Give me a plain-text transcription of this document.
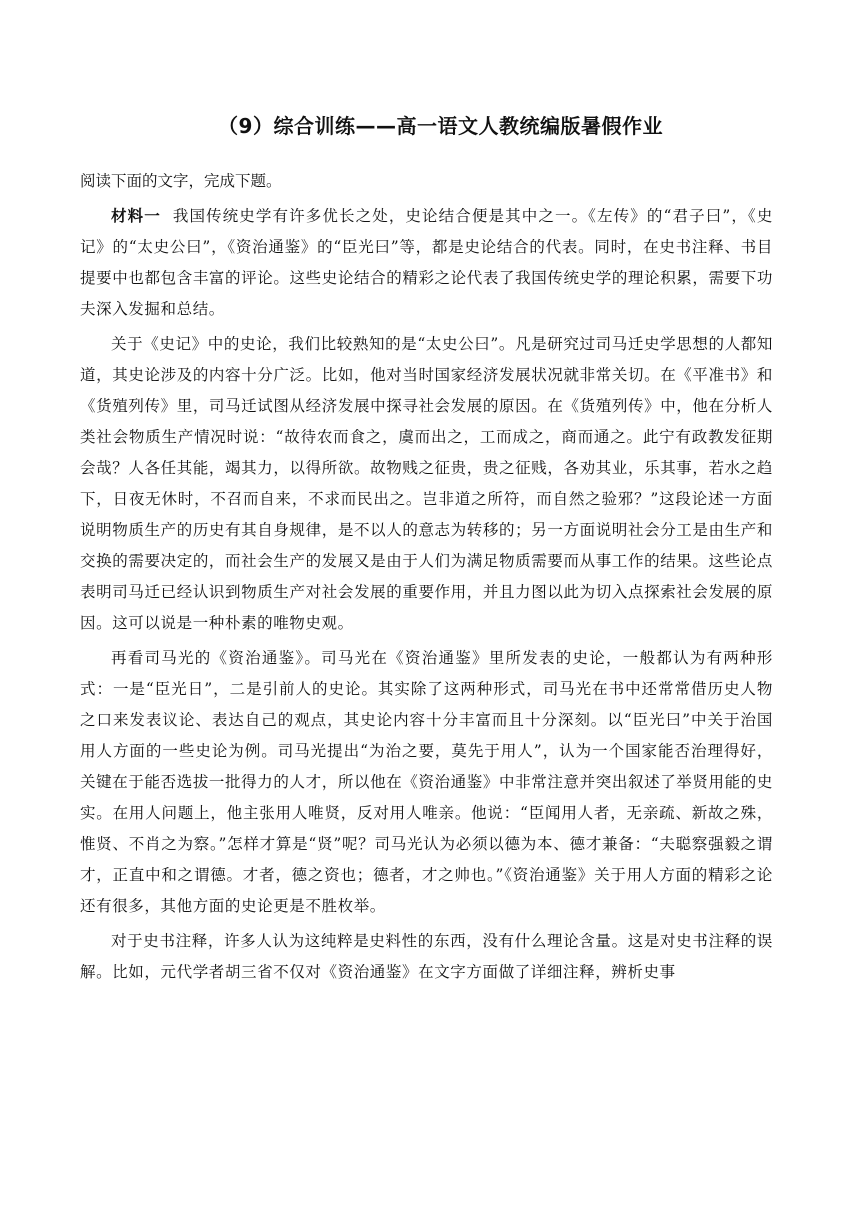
（9）综合训练——高一语文人教统编版暑假作业

阅读下面的文字，完成下题。

材料一 我国传统史学有许多优长之处，史论结合便是其中之一。《左传》的“君子曰”，《史记》的“太史公曰”，《资治通鉴》的“臣光曰”等，都是史论结合的代表。同时，在史书注释、书目提要中也都包含丰富的评论。这些史论结合的精彩之论代表了我国传统史学的理论积累，需要下功夫深入发掘和总结。

关于《史记》中的史论，我们比较熟知的是“太史公曰”。凡是研究过司马迁史学思想的人都知道，其史论涉及的内容十分广泛。比如，他对当时国家经济发展状况就非常关切。在《平准书》和《货殖列传》里，司马迁试图从经济发展中探寻社会发展的原因。在《货殖列传》中，他在分析人类社会物质生产情况时说：“故待农而食之，虞而出之，工而成之，商而通之。此宁有政教发征期会哉？人各任其能，竭其力，以得所欲。故物贱之征贵，贵之征贱，各劝其业，乐其事，若水之趋下，日夜无休时，不召而自来，不求而民出之。岂非道之所符，而自然之验邪？”这段论述一方面说明物质生产的历史有其自身规律，是不以人的意志为转移的；另一方面说明社会分工是由生产和交换的需要决定的，而社会生产的发展又是由于人们为满足物质需要而从事工作的结果。这些论点表明司马迁已经认识到物质生产对社会发展的重要作用，并且力图以此为切入点探索社会发展的原因。这可以说是一种朴素的唯物史观。

再看司马光的《资治通鉴》。司马光在《资治通鉴》里所发表的史论，一般都认为有两种形式：一是“臣光日”，二是引前人的史论。其实除了这两种形式，司马光在书中还常常借历史人物之口来发表议论、表达自己的观点，其史论内容十分丰富而且十分深刻。以“臣光曰”中关于治国用人方面的一些史论为例。司马光提出“为治之要，莫先于用人”，认为一个国家能否治理得好，关键在于能否选拔一批得力的人才，所以他在《资治通鉴》中非常注意并突出叙述了举贤用能的史实。在用人问题上，他主张用人唯贤，反对用人唯亲。他说：“臣闻用人者，无亲疏、新故之殊，惟贤、不肖之为察。”怎样才算是“贤”呢？司马光认为必须以德为本、德才兼备：“夫聪察强毅之谓才，正直中和之谓德。才者，德之资也；德者，才之帅也。”《资治通鉴》关于用人方面的精彩之论还有很多，其他方面的史论更是不胜枚举。

对于史书注释，许多人认为这纯粹是史料性的东西，没有什么理论含量。这是对史书注释的误解。比如，元代学者胡三省不仅对《资治通鉴》在文字方面做了详细注释，辨析史事
